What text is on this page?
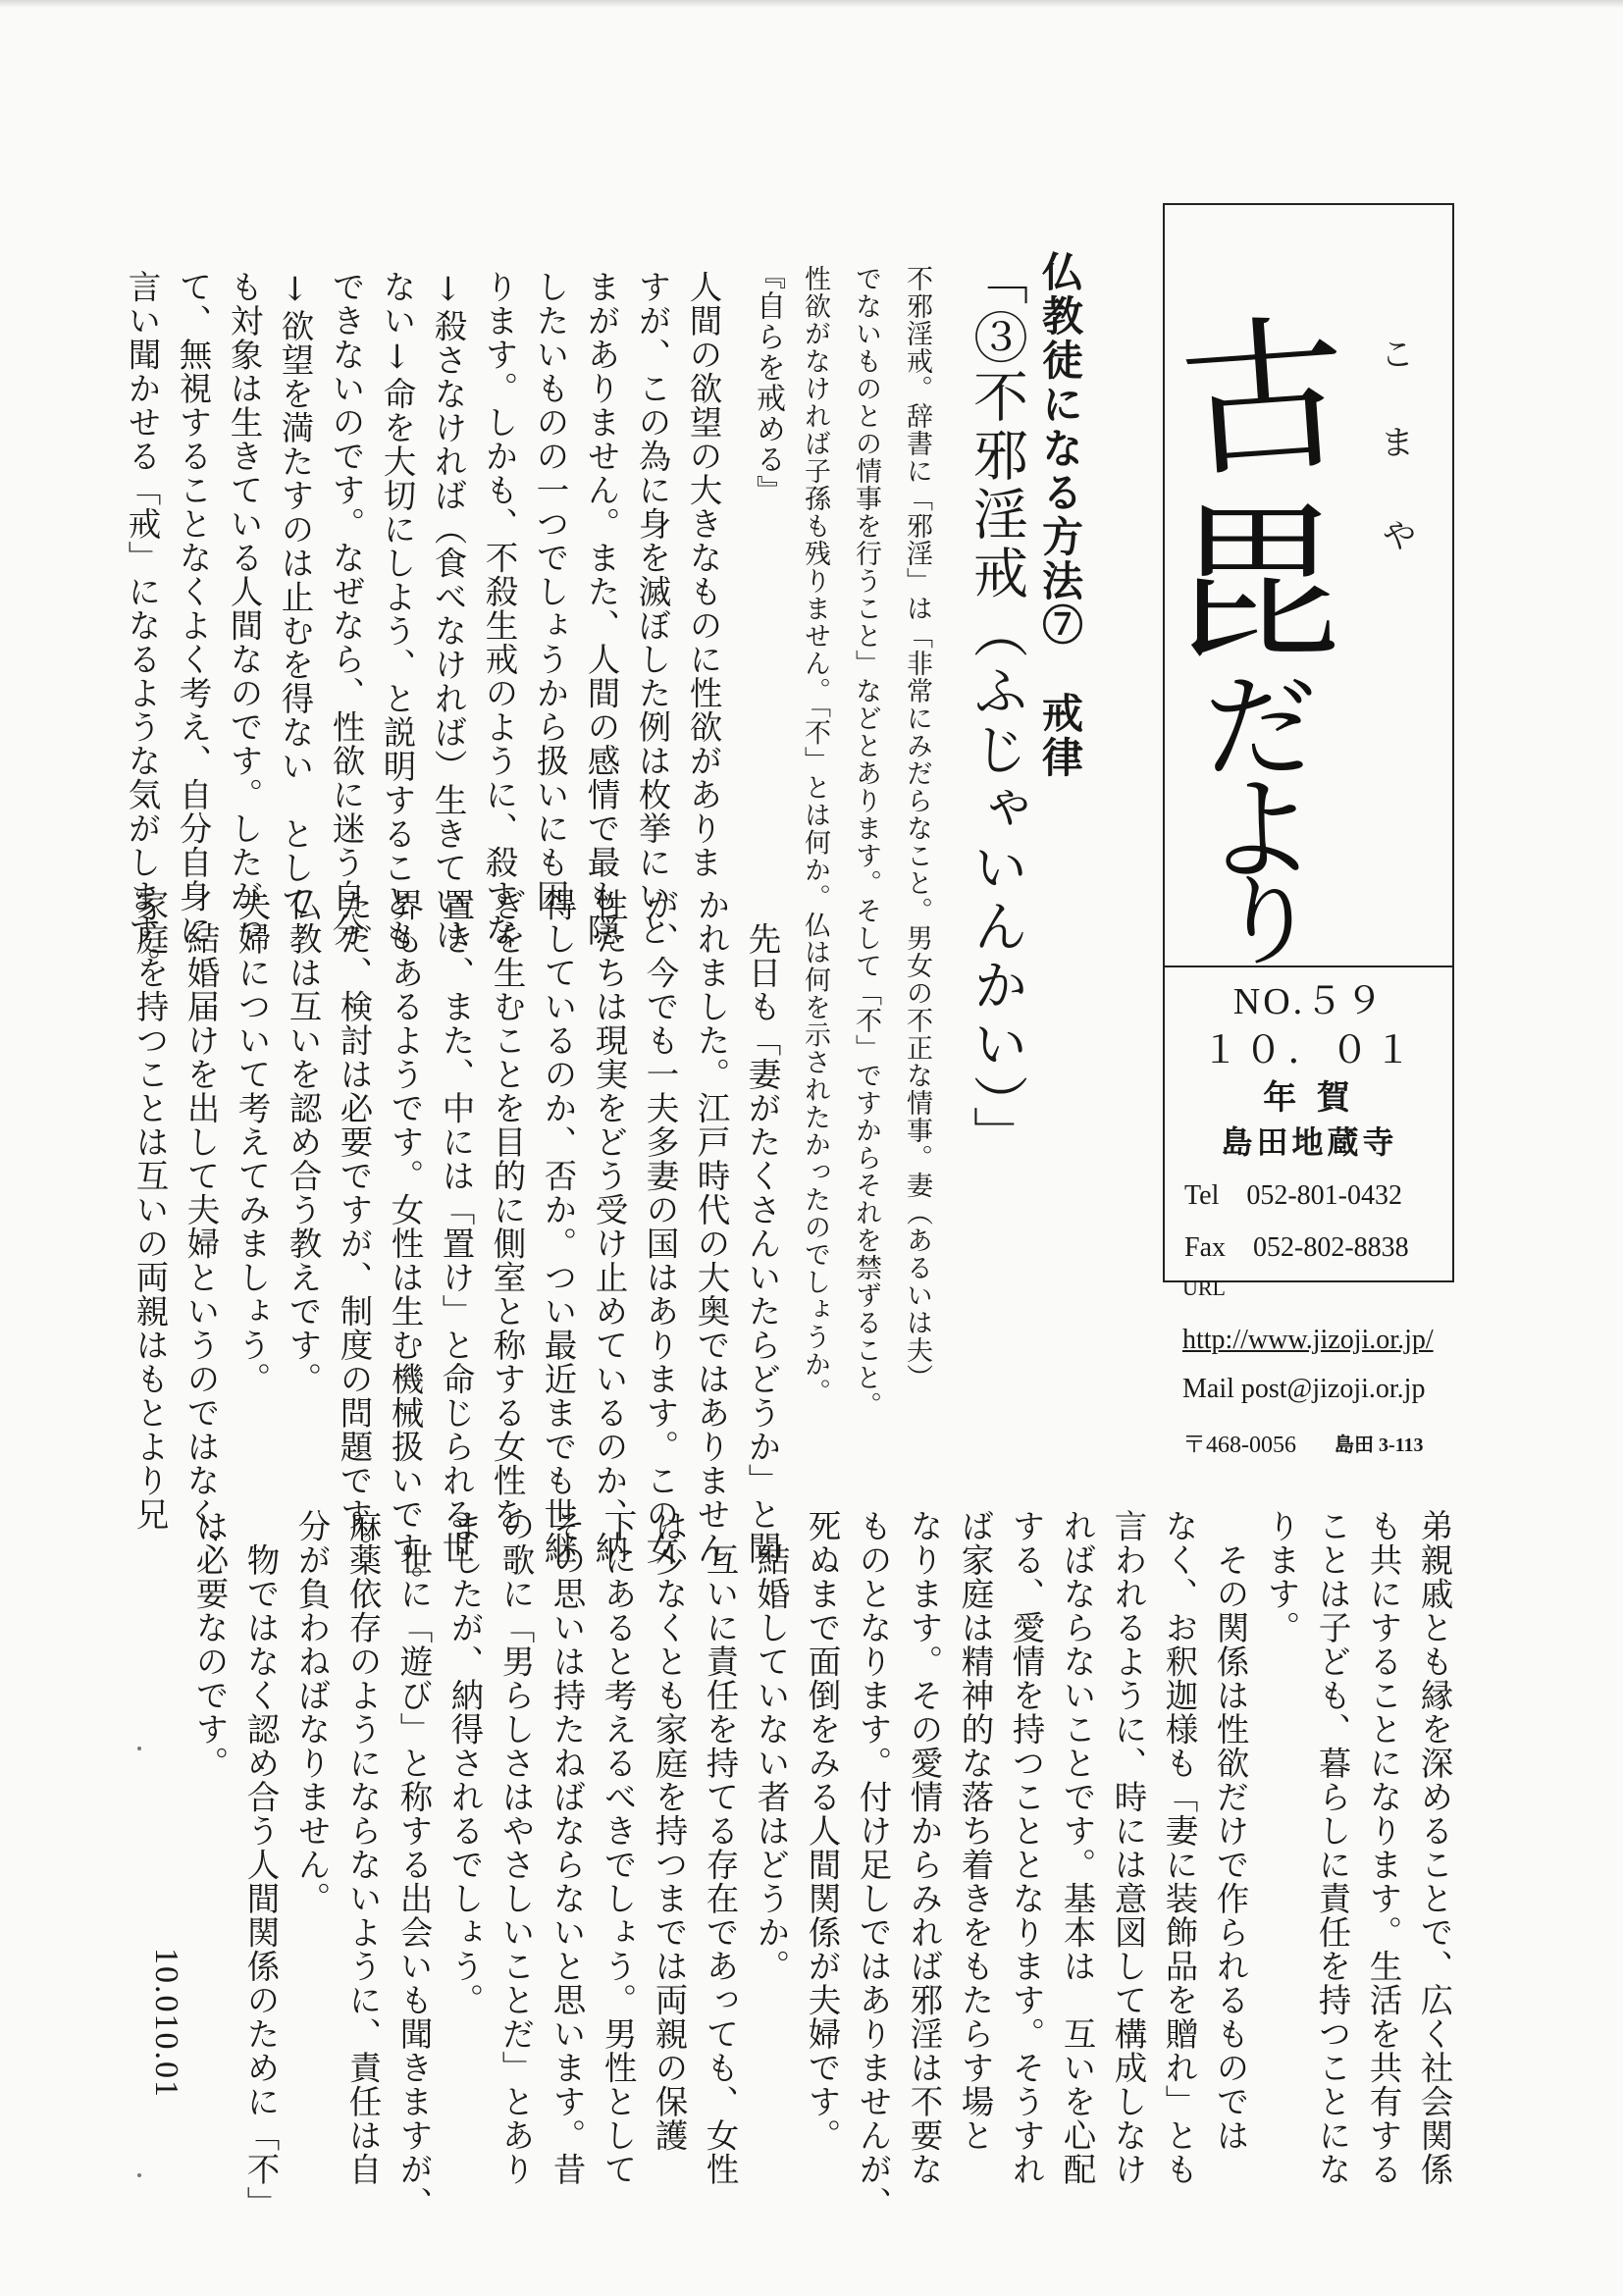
古
毘
だ
よ
り
こ
ま
や
NO.５９
１０．０１
年 賀
島田地蔵寺
Tel　052-801-0432
Fax　052-802-8838
URL
http://www.jizoji.or.jp/
Mail post@jizoji.or.jp
〒468-0056 島田 3-113
仏教徒になる方法⑦　戒律
「③不邪淫戒（ふじゃいんかい）」
不邪淫戒。辞書に「邪淫」は「非常にみだらなこと。男女の不正な情事。妻（あるいは夫）
でないものとの情事を行うこと」などとあります。そして「不」ですからそれを禁ずること。
性欲がなければ子孫も残りません。「不」とは何か。仏は何を示されたかったのでしょうか。
『自らを戒める』
人間の欲望の大きなものに性欲がありま
すが、この為に身を滅ぼした例は枚挙にいと
まがありません。また、人間の感情で最も隠
したいものの一つでしょうから扱いにも困
ります。しかも、不殺生戒のように、殺すな
↓殺さなければ（食べなければ）生きていけ
ない↓命を大切にしよう、と説明することも
できないのです。なぜなら、性欲に迷う自分
↓欲望を満たすのは止むを得ない　として
も対象は生きている人間なのです。したがっ
て、無視することなくよく考え、自分自身に
言い聞かせる「戒」になるような気がします。
　先日も「妻がたくさんいたらどうか」と聞
かれました。江戸時代の大奥ではありません
が、今でも一夫多妻の国はあります。この女
性たちは現実をどう受け止めているのか、納
得しているのか、否か。つい最近までも世継
ぎを生むことを目的に側室と称する女性を
置き、また、中には「置け」と命じられる世
界もあるようです。女性は生む機械扱いです。
ただ、検討は必要ですが、制度の問題です。
仏教は互いを認め合う教えです。
夫婦について考えてみましょう。
　結婚届けを出して夫婦というのではなく、
家庭を持つことは互いの両親はもとより兄
弟親戚とも縁を深めることで、広く社会関係
も共にすることになります。生活を共有する
ことは子ども、暮らしに責任を持つことにな
ります。
　その関係は性欲だけで作られるものでは
なく、お釈迦様も「妻に装飾品を贈れ」とも
言われるように、時には意図して構成しなけ
ればならないことです。基本は　互いを心配
する、愛情を持つこととなります。そうすれ
ば家庭は精神的な落ち着きをもたらす場と
なります。その愛情からみれば邪淫は不要な
ものとなります。付け足しではありませんが、
死ぬまで面倒をみる人間関係が夫婦です。
　結婚していない者はどうか。
　互いに責任を持てる存在であっても、女性
は少なくとも家庭を持つまでは両親の保護
下にあると考えるべきでしょう。男性として
その思いは持たねばならないと思います。昔
の歌に「男らしさはやさしいことだ」とあり
ましたが、納得されるでしょう。
　世に「遊び」と称する出会いも聞きますが、
麻薬依存のようにならないように、責任は自
分が負わねばなりません。
　物ではなく認め合う人間関係のために「不」
は必要なのです。
10.010.01
